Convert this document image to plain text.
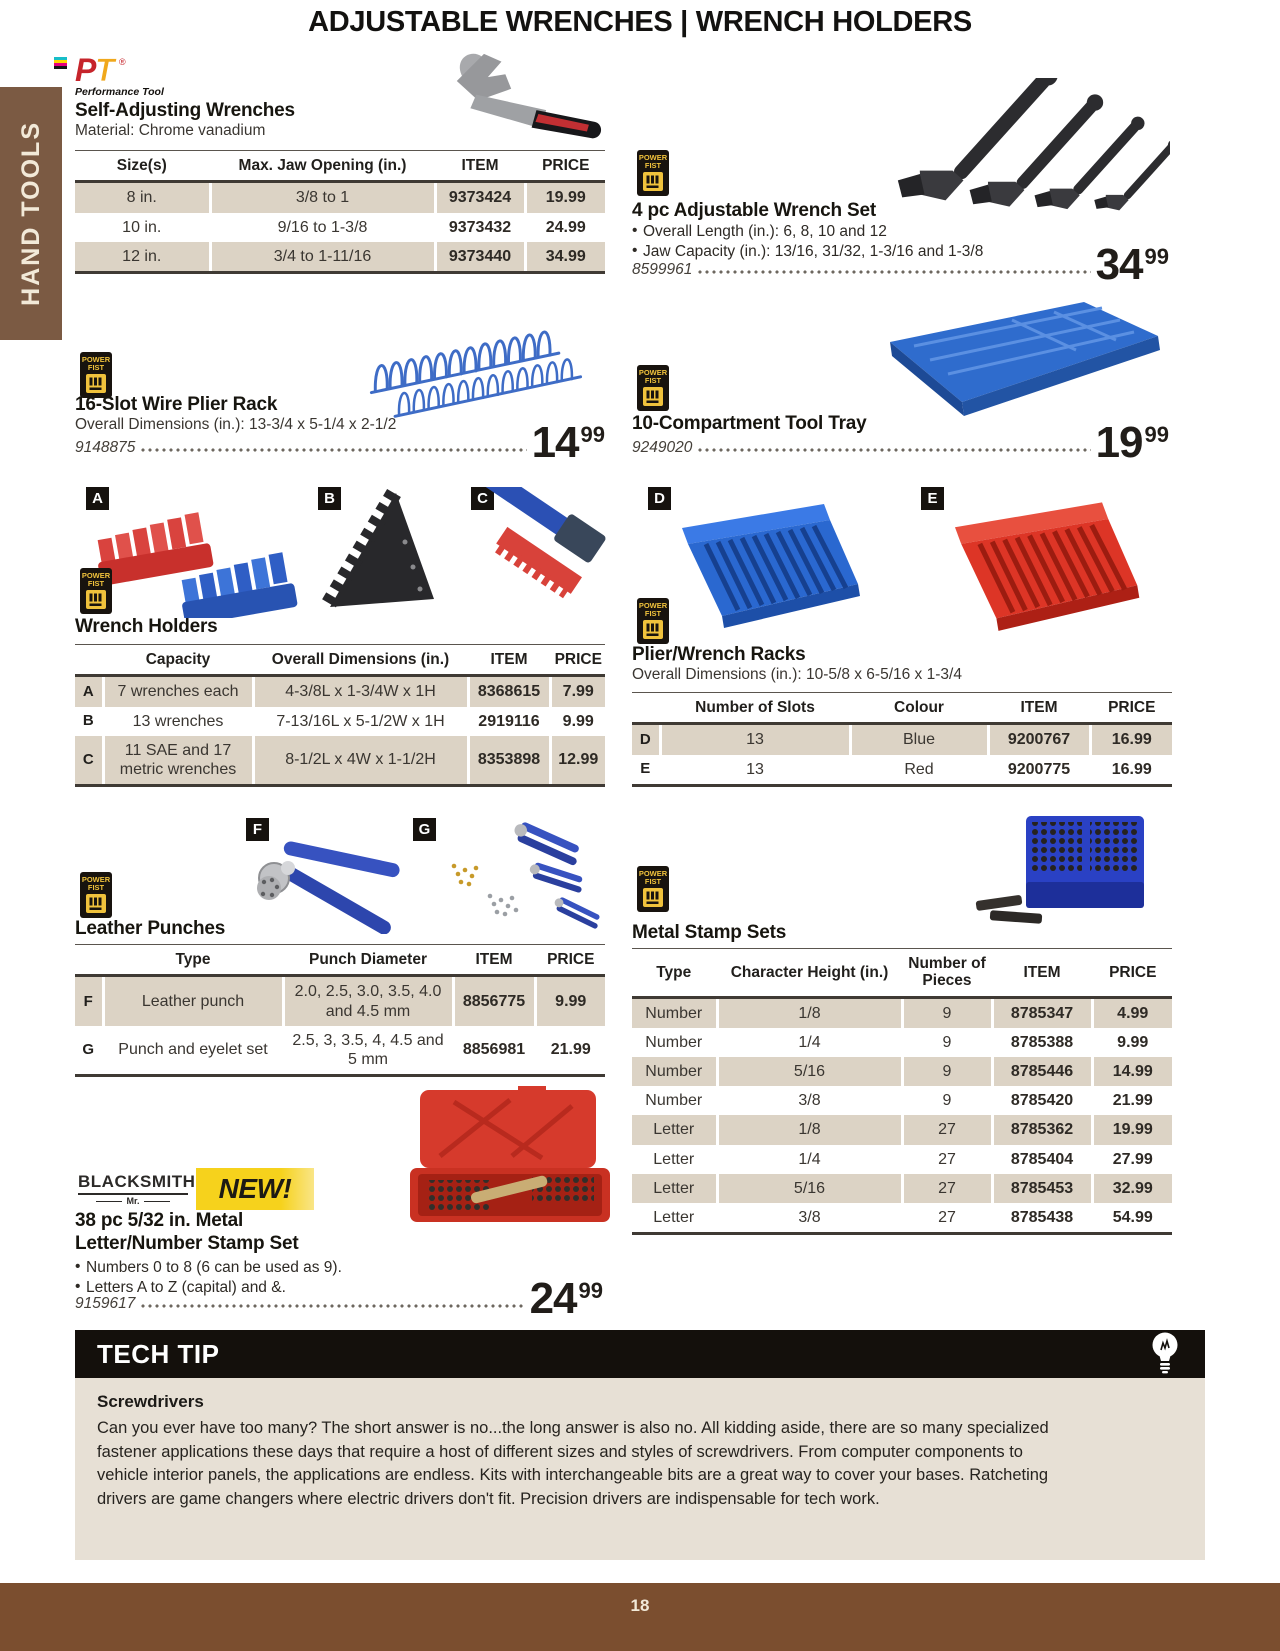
ADJUSTABLE WRENCHES | WRENCH HOLDERS
HAND TOOLS
P
T ®
Performance Tool
Self-Adjusting Wrenches
Material: Chrome vanadium
Size(s)	Max. Jaw Opening (in.)	ITEM	PRICE
8 in.	3/8 to 1	9373424	19.99
10 in.	9/16 to 1-3/8	9373432	24.99
12 in.	3/4 to 1-11/16	9373440	34.99
POWER
FIST
4 pc Adjustable Wrench Set
• Overall Length (in.): 6, 8, 10 and 12
• Jaw Capacity (in.): 13/16, 31/32, 1-3/16 and 1-3/8
8599961	34 99
POWER
FIST
16-Slot Wire Plier Rack
Overall Dimensions (in.): 13-3/4 x 5-1/4 x 2-1/2
9148875	14 99
POWER
FIST
10-Compartment Tool Tray
9249020	19 99
A	B	C
POWER
FIST
Wrench Holders
	Capacity	Overall Dimensions (in.)	ITEM	PRICE
A	7 wrenches each	4-3/8L x 1-3/4W x 1H	8368615	7.99
B	13 wrenches	7-13/16L x 5-1/2W x 1H	2919116	9.99
C	11 SAE and 17 metric wrenches	8-1/2L x 4W x 1-1/2H	8353898	12.99
D	E
POWER
FIST
Plier/Wrench Racks
Overall Dimensions (in.): 10-5/8 x 6-5/16 x 1-3/4
	Number of Slots	Colour	ITEM	PRICE
D	13	Blue	9200767	16.99
E	13	Red	9200775	16.99
F	G
POWER
FIST
Leather Punches
	Type	Punch Diameter	ITEM	PRICE
F	Leather punch	2.0, 2.5, 3.0, 3.5, 4.0 and 4.5 mm	8856775	9.99
G	Punch and eyelet set	2.5, 3, 3.5, 4, 4.5 and 5 mm	8856981	21.99
POWER
FIST
Metal Stamp Sets
Type	Character Height (in.)	Number of Pieces	ITEM	PRICE
Number	1/8	9	8785347	4.99
Number	1/4	9	8785388	9.99
Number	5/16	9	8785446	14.99
Number	3/8	9	8785420	21.99
Letter	1/8	27	8785362	19.99
Letter	1/4	27	8785404	27.99
Letter	5/16	27	8785453	32.99
Letter	3/8	27	8785438	54.99
BLACKSMITH
Mr.	NEW!
38 pc 5/32 in. Metal
Letter/Number Stamp Set
• Numbers 0 to 8 (6 can be used as 9).
• Letters A to Z (capital) and &.
9159617	24 99
TECH TIP

Screwdrivers

Can you ever have too many? The short answer is no...the long answer is also no. All kidding aside, there are so many specialized fastener applications these days that require a host of different sizes and styles of screwdrivers. From computer components to vehicle interior panels, the applications are endless. Kits with interchangeable bits are a great way to cover your bases. Ratcheting drivers are game changers where electric drivers don't fit. Precision drivers are indispensable for tech work.

18
